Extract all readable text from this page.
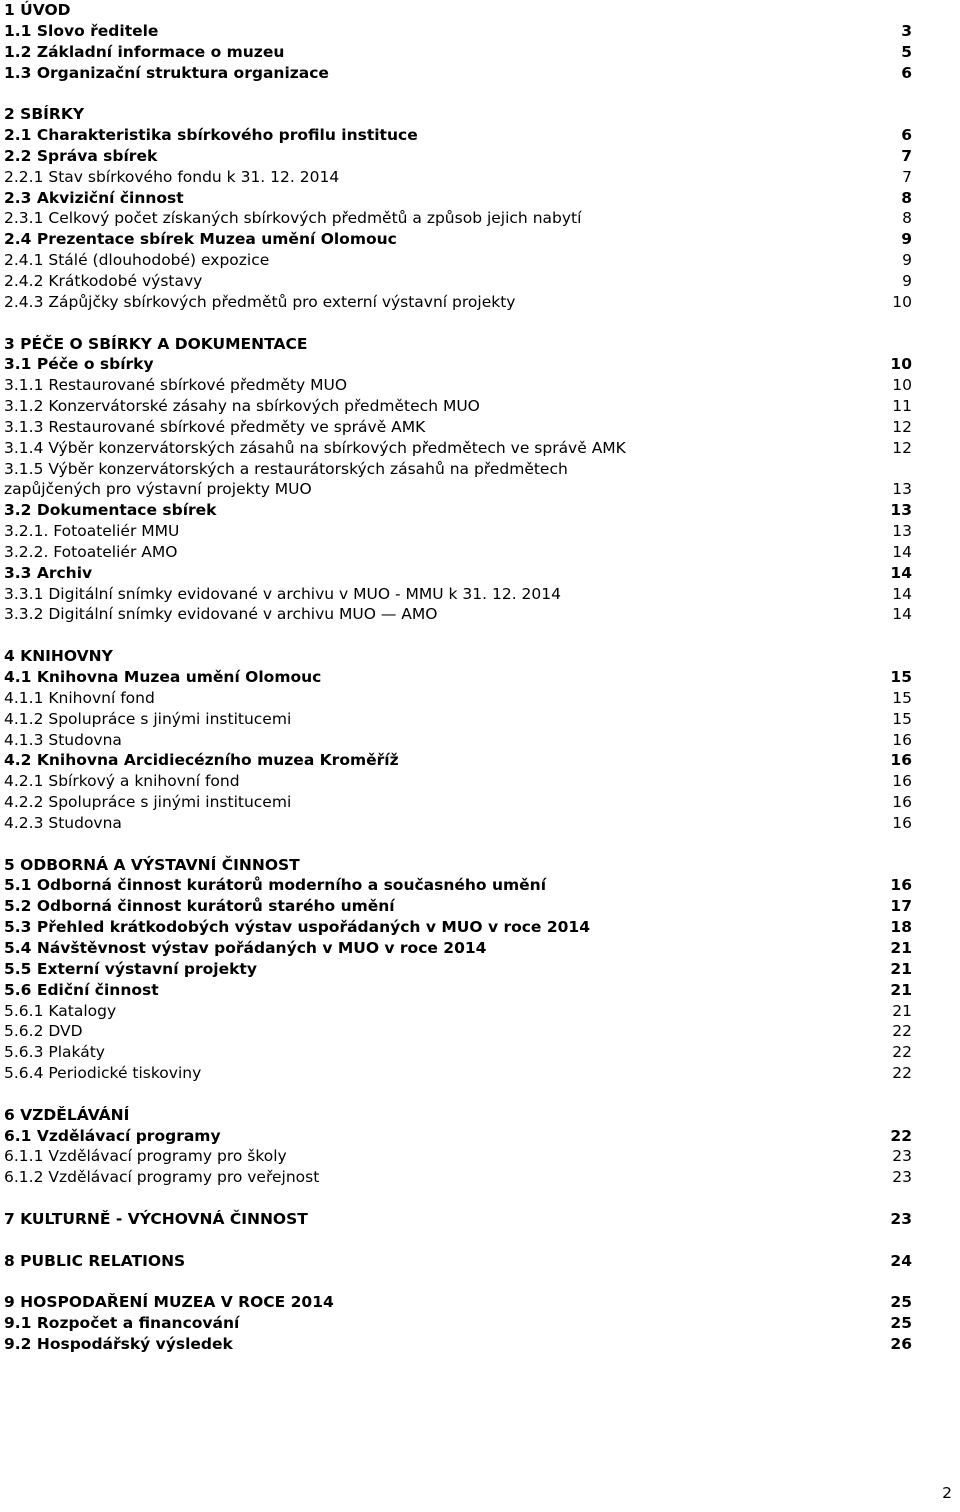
1 ÚVOD
1.1 Slovo ředitele	3
1.2 Základní informace o muzeu	5
1.3 Organizační struktura organizace	6
2 SBÍRKY
2.1 Charakteristika sbírkového profilu instituce	6
2.2 Správa sbírek	7
2.2.1 Stav sbírkového fondu k 31. 12. 2014	7
2.3 Akviziční činnost	8
2.3.1 Celkový počet získaných sbírkových předmětů a způsob jejich nabytí	8
2.4 Prezentace sbírek Muzea umění Olomouc	9
2.4.1 Stálé (dlouhodobé) expozice	9
2.4.2 Krátkodobé výstavy	9
2.4.3 Zápůjčky sbírkových předmětů pro externí výstavní projekty	10
3 PÉČE O SBÍRKY A DOKUMENTACE
3.1 Péče o sbírky	10
3.1.1 Restaurované sbírkové předměty MUO	10
3.1.2 Konzervátorské zásahy na sbírkových předmětech MUO	11
3.1.3 Restaurované sbírkové předměty ve správě AMK	12
3.1.4 Výběr konzervátorských zásahů na sbírkových předmětech ve správě AMK	12
3.1.5 Výběr konzervátorských a restaurátorských zásahů na předmětech zapůjčených pro výstavní projekty MUO	13
3.2 Dokumentace sbírek	13
3.2.1. Fotoateliér MMU	13
3.2.2. Fotoateliér AMO	14
3.3 Archiv	14
3.3.1 Digitální snímky evidované v archivu v MUO - MMU k 31. 12. 2014	14
3.3.2 Digitální snímky evidované v archivu MUO — AMO	14
4 KNIHOVNY
4.1 Knihovna Muzea umění Olomouc	15
4.1.1 Knihovní fond	15
4.1.2 Spolupráce s jinými institucemi	15
4.1.3 Studovna	16
4.2 Knihovna Arcidiecézního muzea Kroměříž	16
4.2.1 Sbírkový a knihovní fond	16
4.2.2 Spolupráce s jinými institucemi	16
4.2.3 Studovna	16
5 ODBORNÁ A VÝSTAVNÍ ČINNOST
5.1 Odborná činnost kurátorů moderního a současného umění	16
5.2 Odborná činnost kurátorů starého umění	17
5.3 Přehled krátkodobých výstav uspořádaných v MUO v roce 2014	18
5.4 Návštěvnost výstav pořádaných v MUO v roce 2014	21
5.5 Externí výstavní projekty	21
5.6 Ediční činnost	21
5.6.1 Katalogy	21
5.6.2 DVD	22
5.6.3 Plakáty	22
5.6.4 Periodické tiskoviny	22
6 VZDĚLÁVÁNÍ
6.1 Vzdělávací programy	22
6.1.1 Vzdělávací programy pro školy	23
6.1.2 Vzdělávací programy pro veřejnost	23
7 KULTURNĚ - VÝCHOVNÁ ČINNOST	23
8 PUBLIC RELATIONS	24
9 HOSPODAŘENÍ MUZEA V ROCE 2014	25
9.1 Rozpočet a financování	25
9.2 Hospodářský výsledek	26
2
